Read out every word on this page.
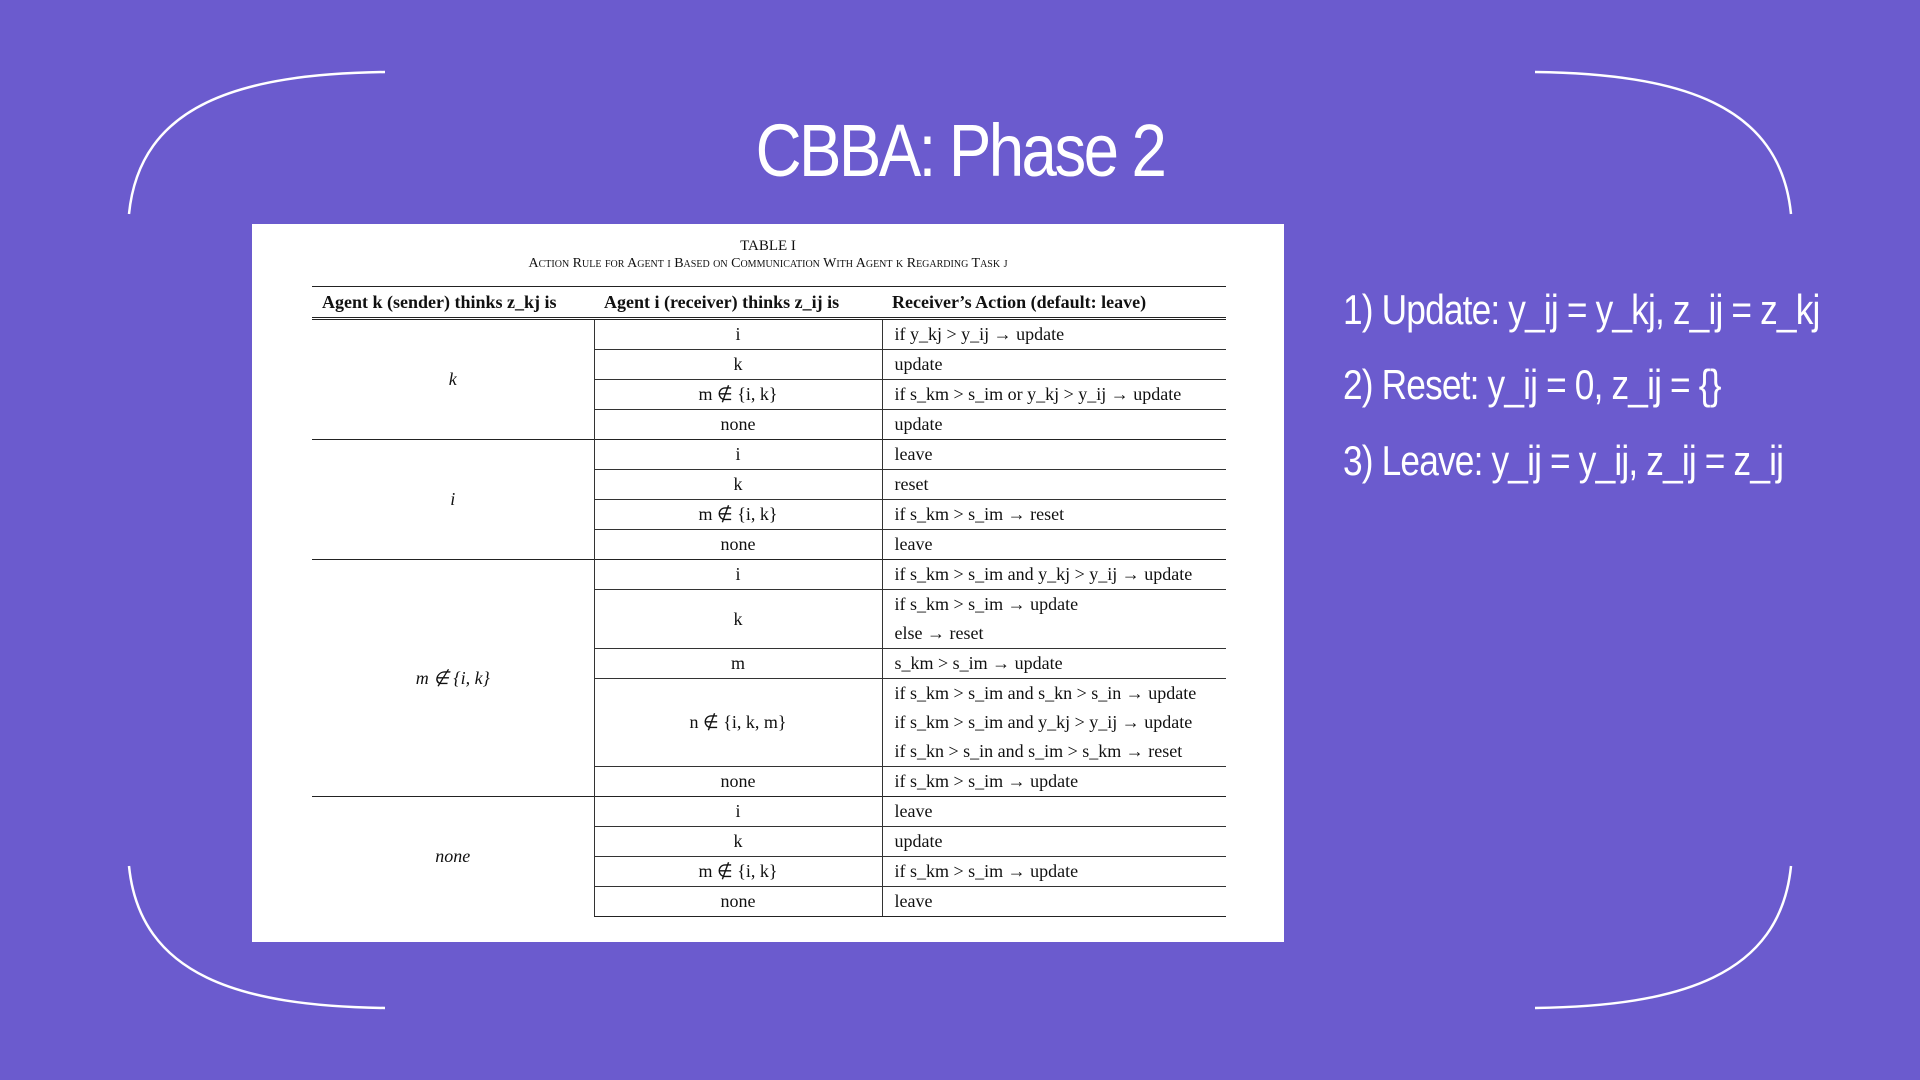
CBBA: Phase 2
TABLE I
Action Rule for Agent i Based on Communication With Agent k Regarding Task j
Agent k (sender) thinks z_kj is	Agent i (receiver) thinks z_ij is	Receiver’s Action (default: leave)
k	i	if y_kj > y_ij → update
	k	update
	m ∉ {i, k}	if s_km > s_im or y_kj > y_ij → update
	none	update
i	i	leave
	k	reset
	m ∉ {i, k}	if s_km > s_im → reset
	none	leave
m ∉ {i, k}	i	if s_km > s_im and y_kj > y_ij → update
	k	if s_km > s_im → update
		else → reset
	m	s_km > s_im → update
	n ∉ {i, k, m}	if s_km > s_im and s_kn > s_in → update
		if s_km > s_im and y_kj > y_ij → update
		if s_kn > s_in and s_im > s_km → reset
	none	if s_km > s_im → update
none	i	leave
	k	update
	m ∉ {i, k}	if s_km > s_im → update
	none	leave
1) Update: y_ij = y_kj, z_ij = z_kj
2) Reset: y_ij = 0, z_ij = {}
3) Leave: y_ij = y_ij, z_ij = z_ij
